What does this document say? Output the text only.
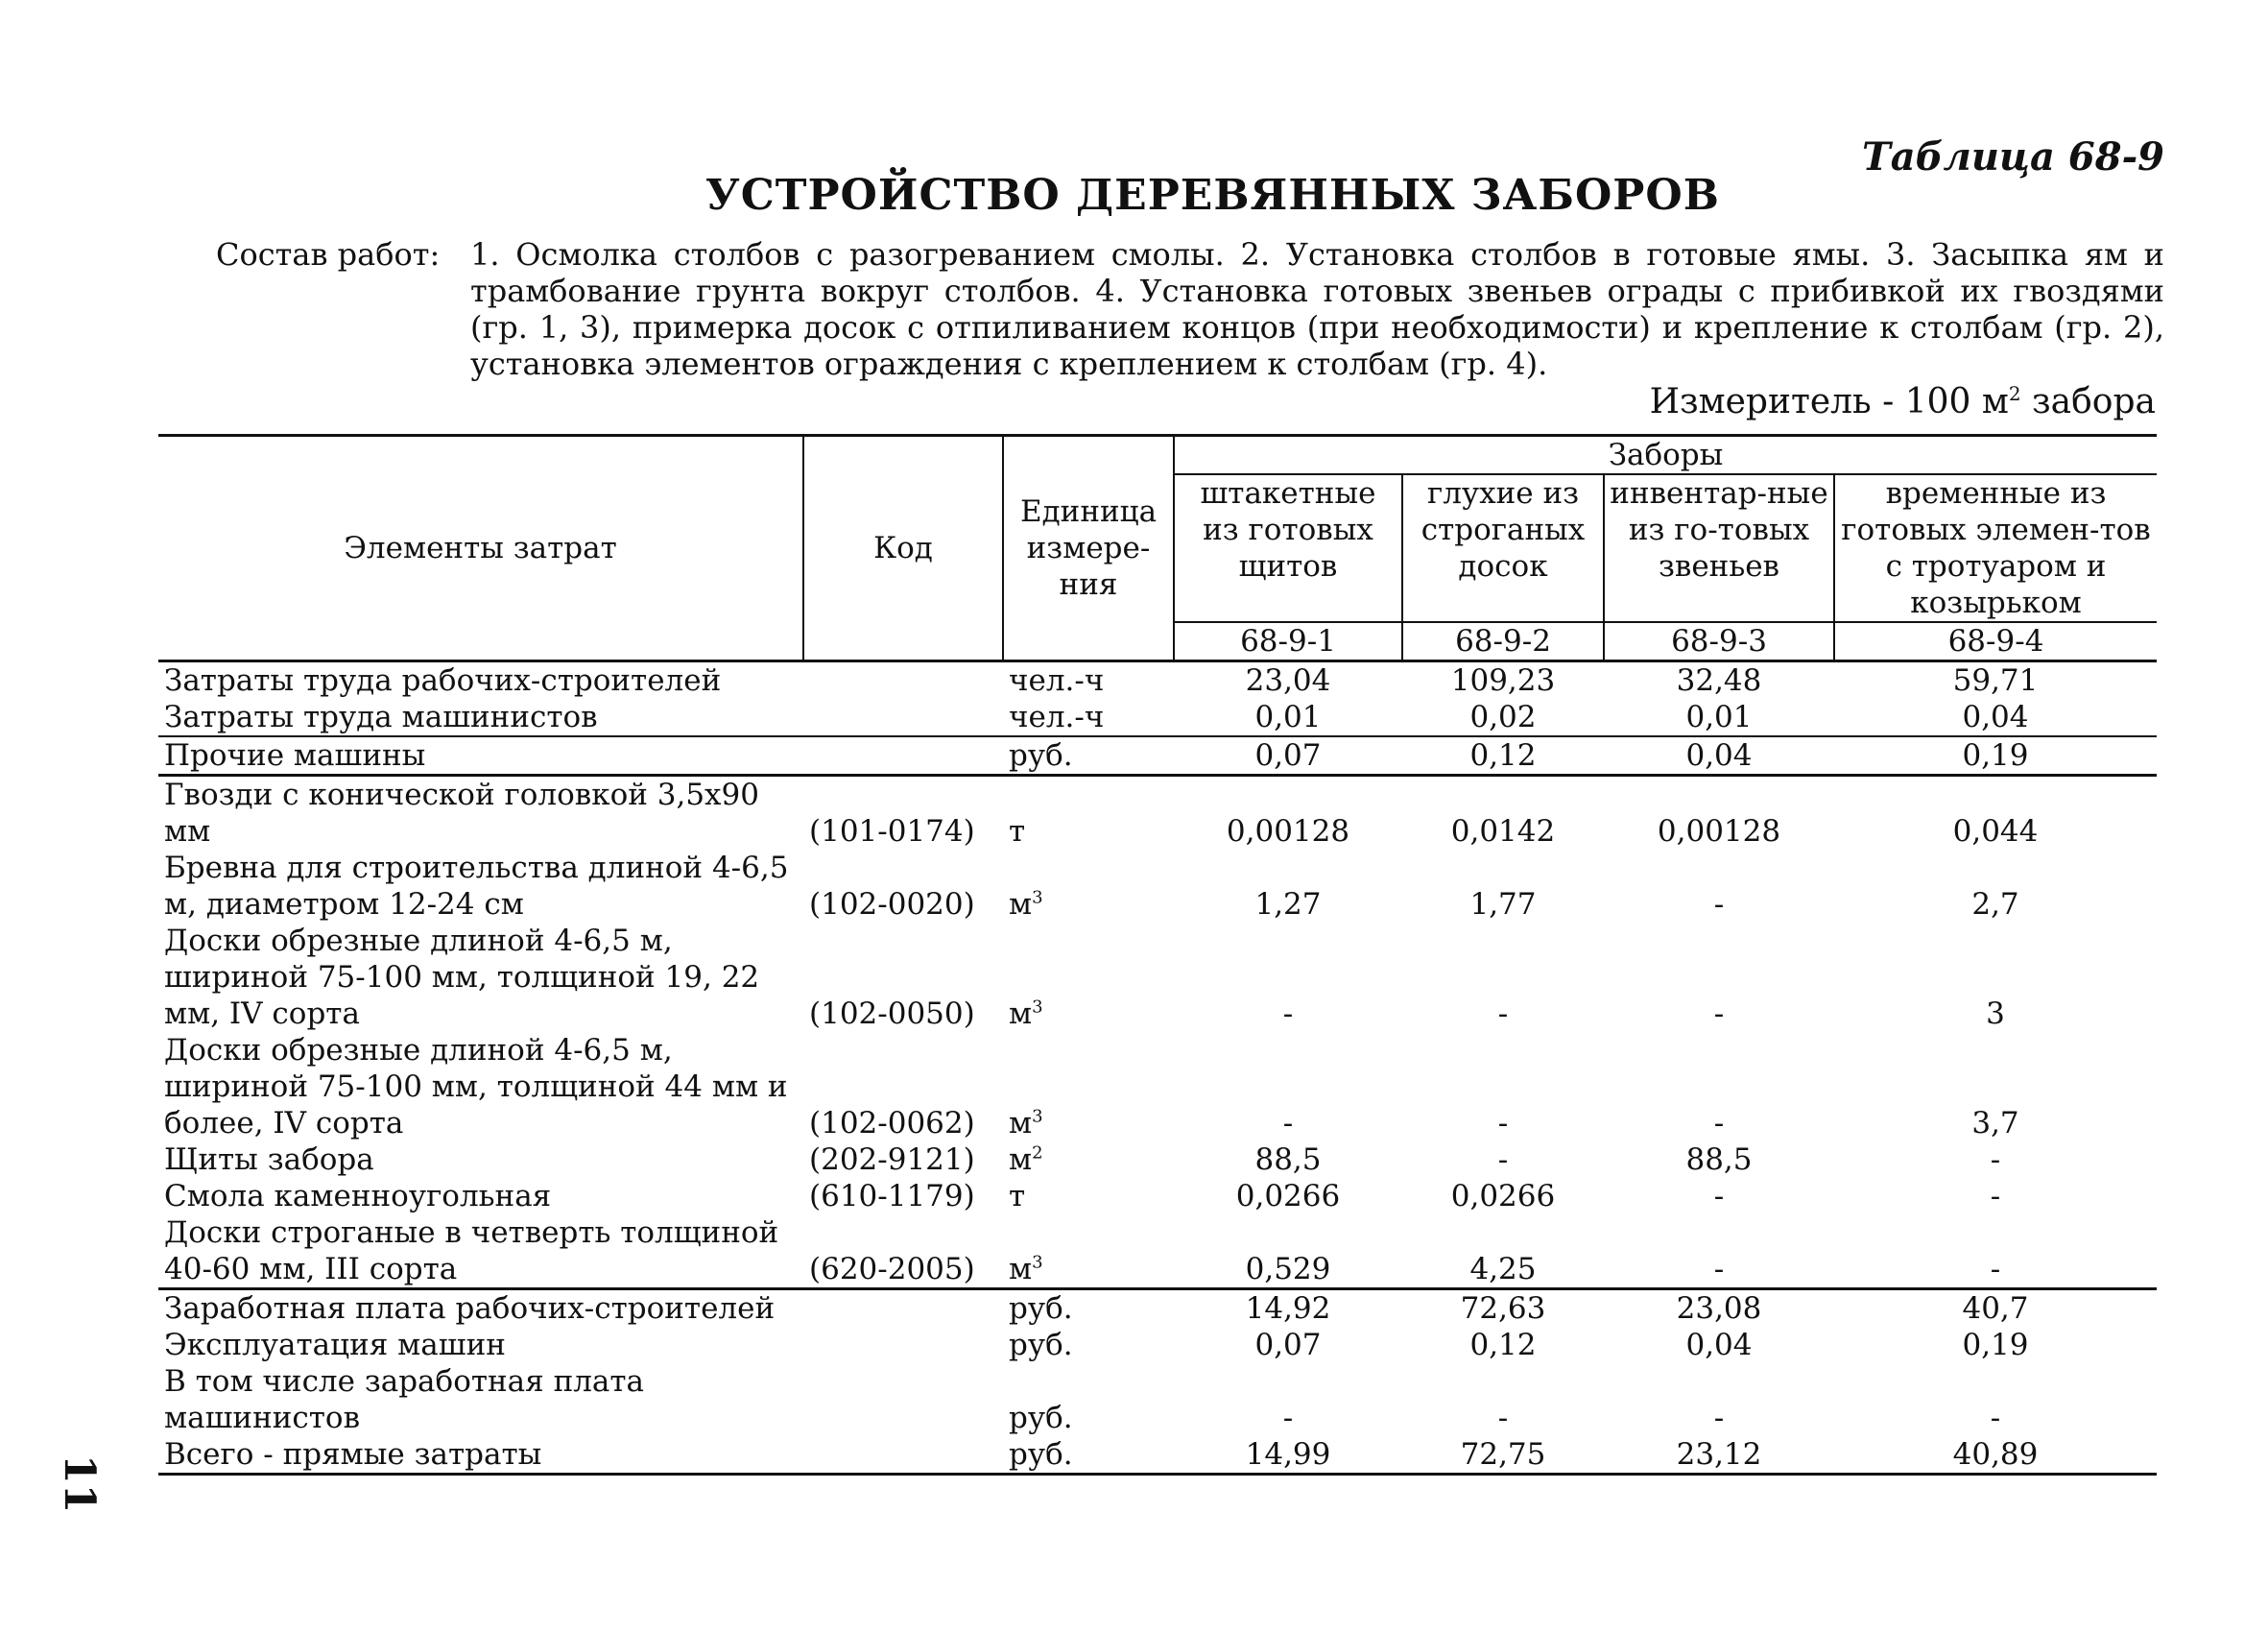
Таблица 68-9
УСТРОЙСТВО ДЕРЕВЯННЫХ ЗАБОРОВ
Состав работ: 1. Осмолка столбов с разогреванием смолы. 2. Установка столбов в готовые ямы. 3. Засыпка ям и трамбование грунта вокруг столбов. 4. Установка готовых звеньев ограды с прибивкой их гвоздями (гр. 1, 3), примерка досок с отпиливанием концов (при необходимости) и крепление к столбам (гр. 2), установка элементов ограждения с креплением к столбам (гр. 4).
Измеритель - 100 $м^2$ забора
Элементы затрат	Код	Единица измере-ния	Заборы			
			штакетные из готовых щитов	глухие из строганых досок	инвентар-ные из го-товых звеньев	временные из готовых элемен-тов с тротуаром и козырьком
			68-9-1	68-9-2	68-9-3	68-9-4
Затраты труда рабочих-строителей		чел.-ч	23,04	109,23	32,48	59,71
Затраты труда машинистов		чел.-ч	0,01	0,02	0,01	0,04
Прочие машины		руб.	0,07	0,12	0,04	0,19
Гвозди с конической головкой 3,5х90 мм	(101-0174)	т	0,00128	0,0142	0,00128	0,044
Бревна для строительства длиной 4-6,5 м, диаметром 12-24 см	(102-0020)	$м^3$	1,27	1,77	-	2,7
Доски обрезные длиной 4-6,5 м, шириной 75-100 мм, толщиной 19, 22 мм, IV сорта	(102-0050)	$м^3$	-	-	-	3
Доски обрезные длиной 4-6,5 м, шириной 75-100 мм, толщиной 44 мм и более, IV сорта	(102-0062)	$м^3$	-	-	-	3,7
Щиты забора	(202-9121)	$м^2$	88,5	-	88,5	-
Смола каменноугольная	(610-1179)	т	0,0266	0,0266	-	-
Доски строганые в четверть толщиной 40-60 мм, III сорта	(620-2005)	$м^3$	0,529	4,25	-	-
Заработная плата рабочих-строителей		руб.	14,92	72,63	23,08	40,7
Эксплуатация машин		руб.	0,07	0,12	0,04	0,19
В том числе заработная плата машинистов		руб.	-	-	-	-
Всего - прямые затраты		руб.	14,99	72,75	23,12	40,89
11
